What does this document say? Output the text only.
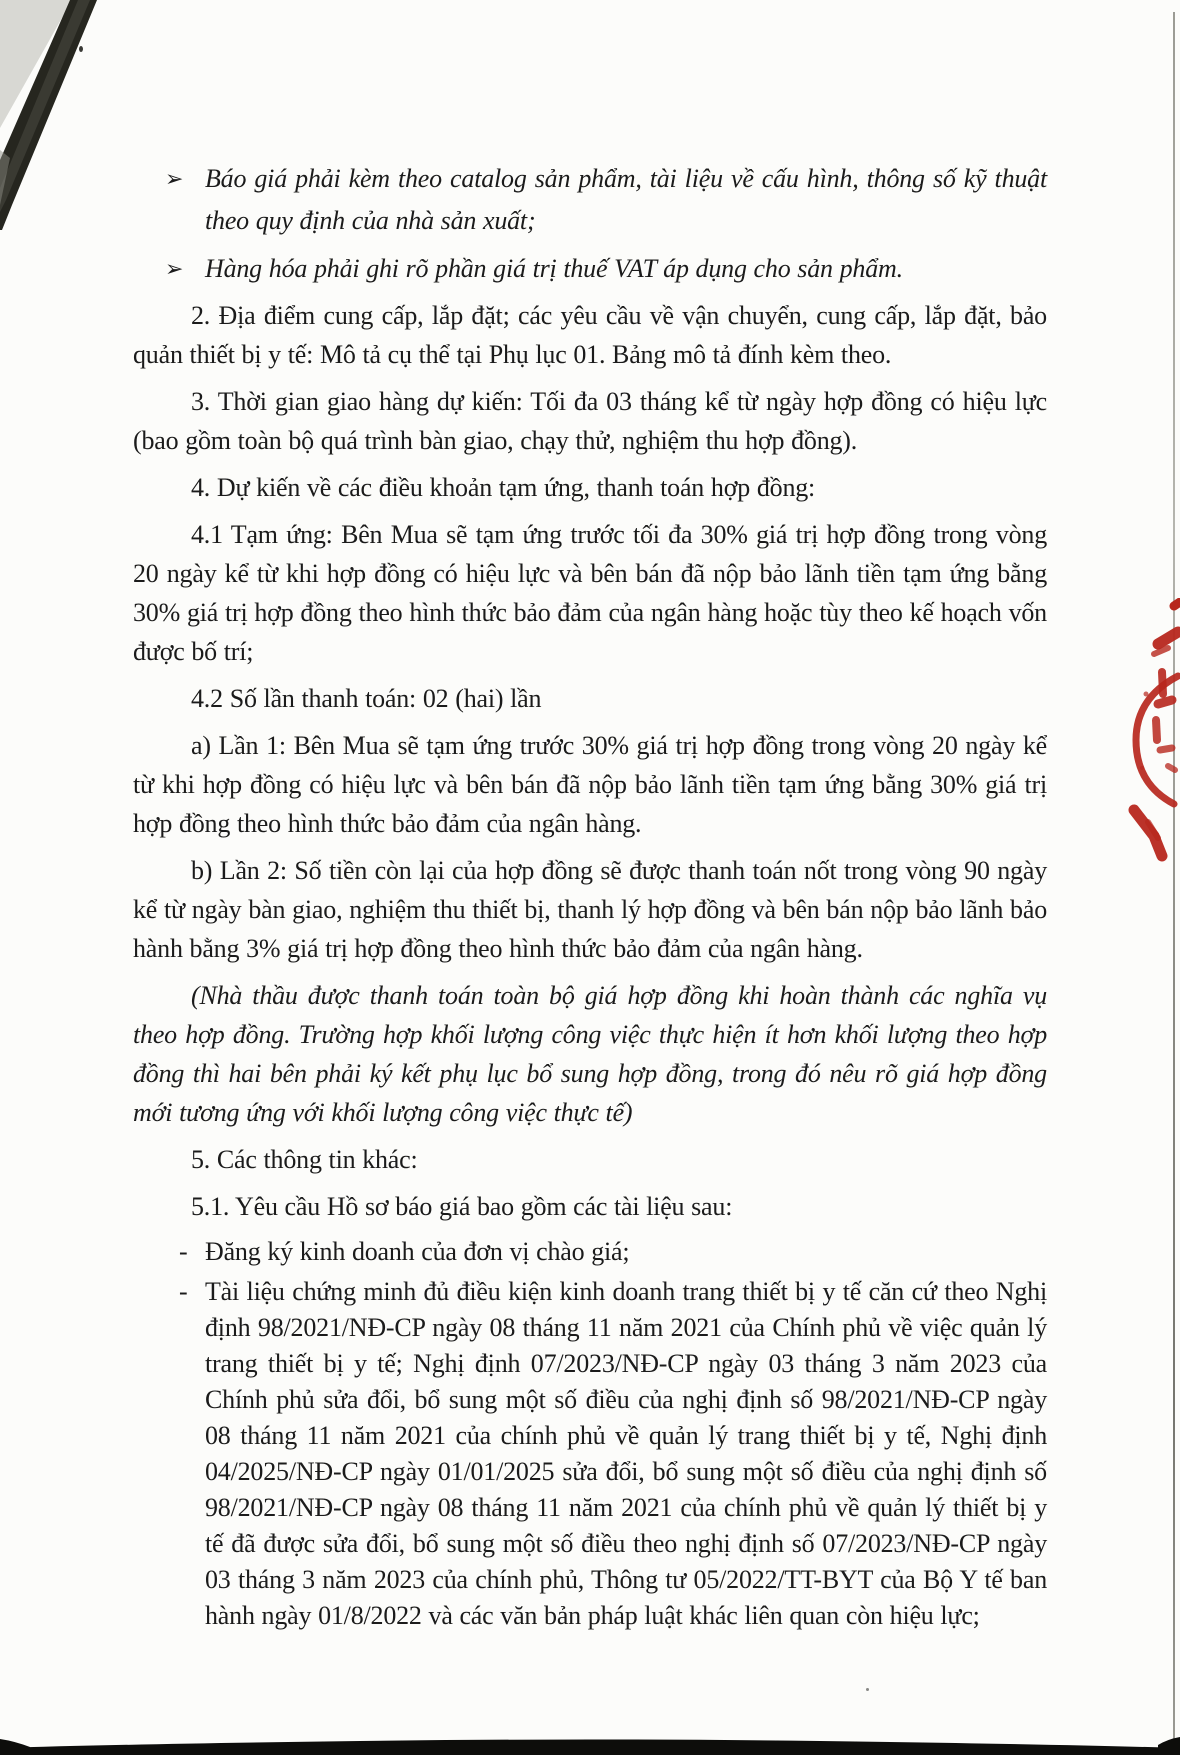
➢ Báo giá phải kèm theo catalog sản phẩm, tài liệu về cấu hình, thông số kỹ thuật theo quy định của nhà sản xuất;

➢ Hàng hóa phải ghi rõ phần giá trị thuế VAT áp dụng cho sản phẩm.

2. Địa điểm cung cấp, lắp đặt; các yêu cầu về vận chuyển, cung cấp, lắp đặt, bảo quản thiết bị y tế: Mô tả cụ thể tại Phụ lục 01. Bảng mô tả đính kèm theo.

3. Thời gian giao hàng dự kiến: Tối đa 03 tháng kể từ ngày hợp đồng có hiệu lực (bao gồm toàn bộ quá trình bàn giao, chạy thử, nghiệm thu hợp đồng).

4. Dự kiến về các điều khoản tạm ứng, thanh toán hợp đồng:

4.1 Tạm ứng: Bên Mua sẽ tạm ứng trước tối đa 30% giá trị hợp đồng trong vòng 20 ngày kể từ khi hợp đồng có hiệu lực và bên bán đã nộp bảo lãnh tiền tạm ứng bằng 30% giá trị hợp đồng theo hình thức bảo đảm của ngân hàng hoặc tùy theo kế hoạch vốn được bố trí;

4.2 Số lần thanh toán: 02 (hai) lần

a) Lần 1: Bên Mua sẽ tạm ứng trước 30% giá trị hợp đồng trong vòng 20 ngày kể từ khi hợp đồng có hiệu lực và bên bán đã nộp bảo lãnh tiền tạm ứng bằng 30% giá trị hợp đồng theo hình thức bảo đảm của ngân hàng.

b) Lần 2: Số tiền còn lại của hợp đồng sẽ được thanh toán nốt trong vòng 90 ngày kể từ ngày bàn giao, nghiệm thu thiết bị, thanh lý hợp đồng và bên bán nộp bảo lãnh bảo hành bằng 3% giá trị hợp đồng theo hình thức bảo đảm của ngân hàng.

(Nhà thầu được thanh toán toàn bộ giá hợp đồng khi hoàn thành các nghĩa vụ theo hợp đồng. Trường hợp khối lượng công việc thực hiện ít hơn khối lượng theo hợp đồng thì hai bên phải ký kết phụ lục bổ sung hợp đồng, trong đó nêu rõ giá hợp đồng mới tương ứng với khối lượng công việc thực tế)

5. Các thông tin khác:

5.1. Yêu cầu Hồ sơ báo giá bao gồm các tài liệu sau:

- Đăng ký kinh doanh của đơn vị chào giá;

- Tài liệu chứng minh đủ điều kiện kinh doanh trang thiết bị y tế căn cứ theo Nghị định 98/2021/NĐ-CP ngày 08 tháng 11 năm 2021 của Chính phủ về việc quản lý trang thiết bị y tế; Nghị định 07/2023/NĐ-CP ngày 03 tháng 3 năm 2023 của Chính phủ sửa đổi, bổ sung một số điều của nghị định số 98/2021/NĐ-CP ngày 08 tháng 11 năm 2021 của chính phủ về quản lý trang thiết bị y tế, Nghị định 04/2025/NĐ-CP ngày 01/01/2025 sửa đổi, bổ sung một số điều của nghị định số 98/2021/NĐ-CP ngày 08 tháng 11 năm 2021 của chính phủ về quản lý thiết bị y tế đã được sửa đổi, bổ sung một số điều theo nghị định số 07/2023/NĐ-CP ngày 03 tháng 3 năm 2023 của chính phủ, Thông tư 05/2022/TT-BYT của Bộ Y tế ban hành ngày 01/8/2022 và các văn bản pháp luật khác liên quan còn hiệu lực;
